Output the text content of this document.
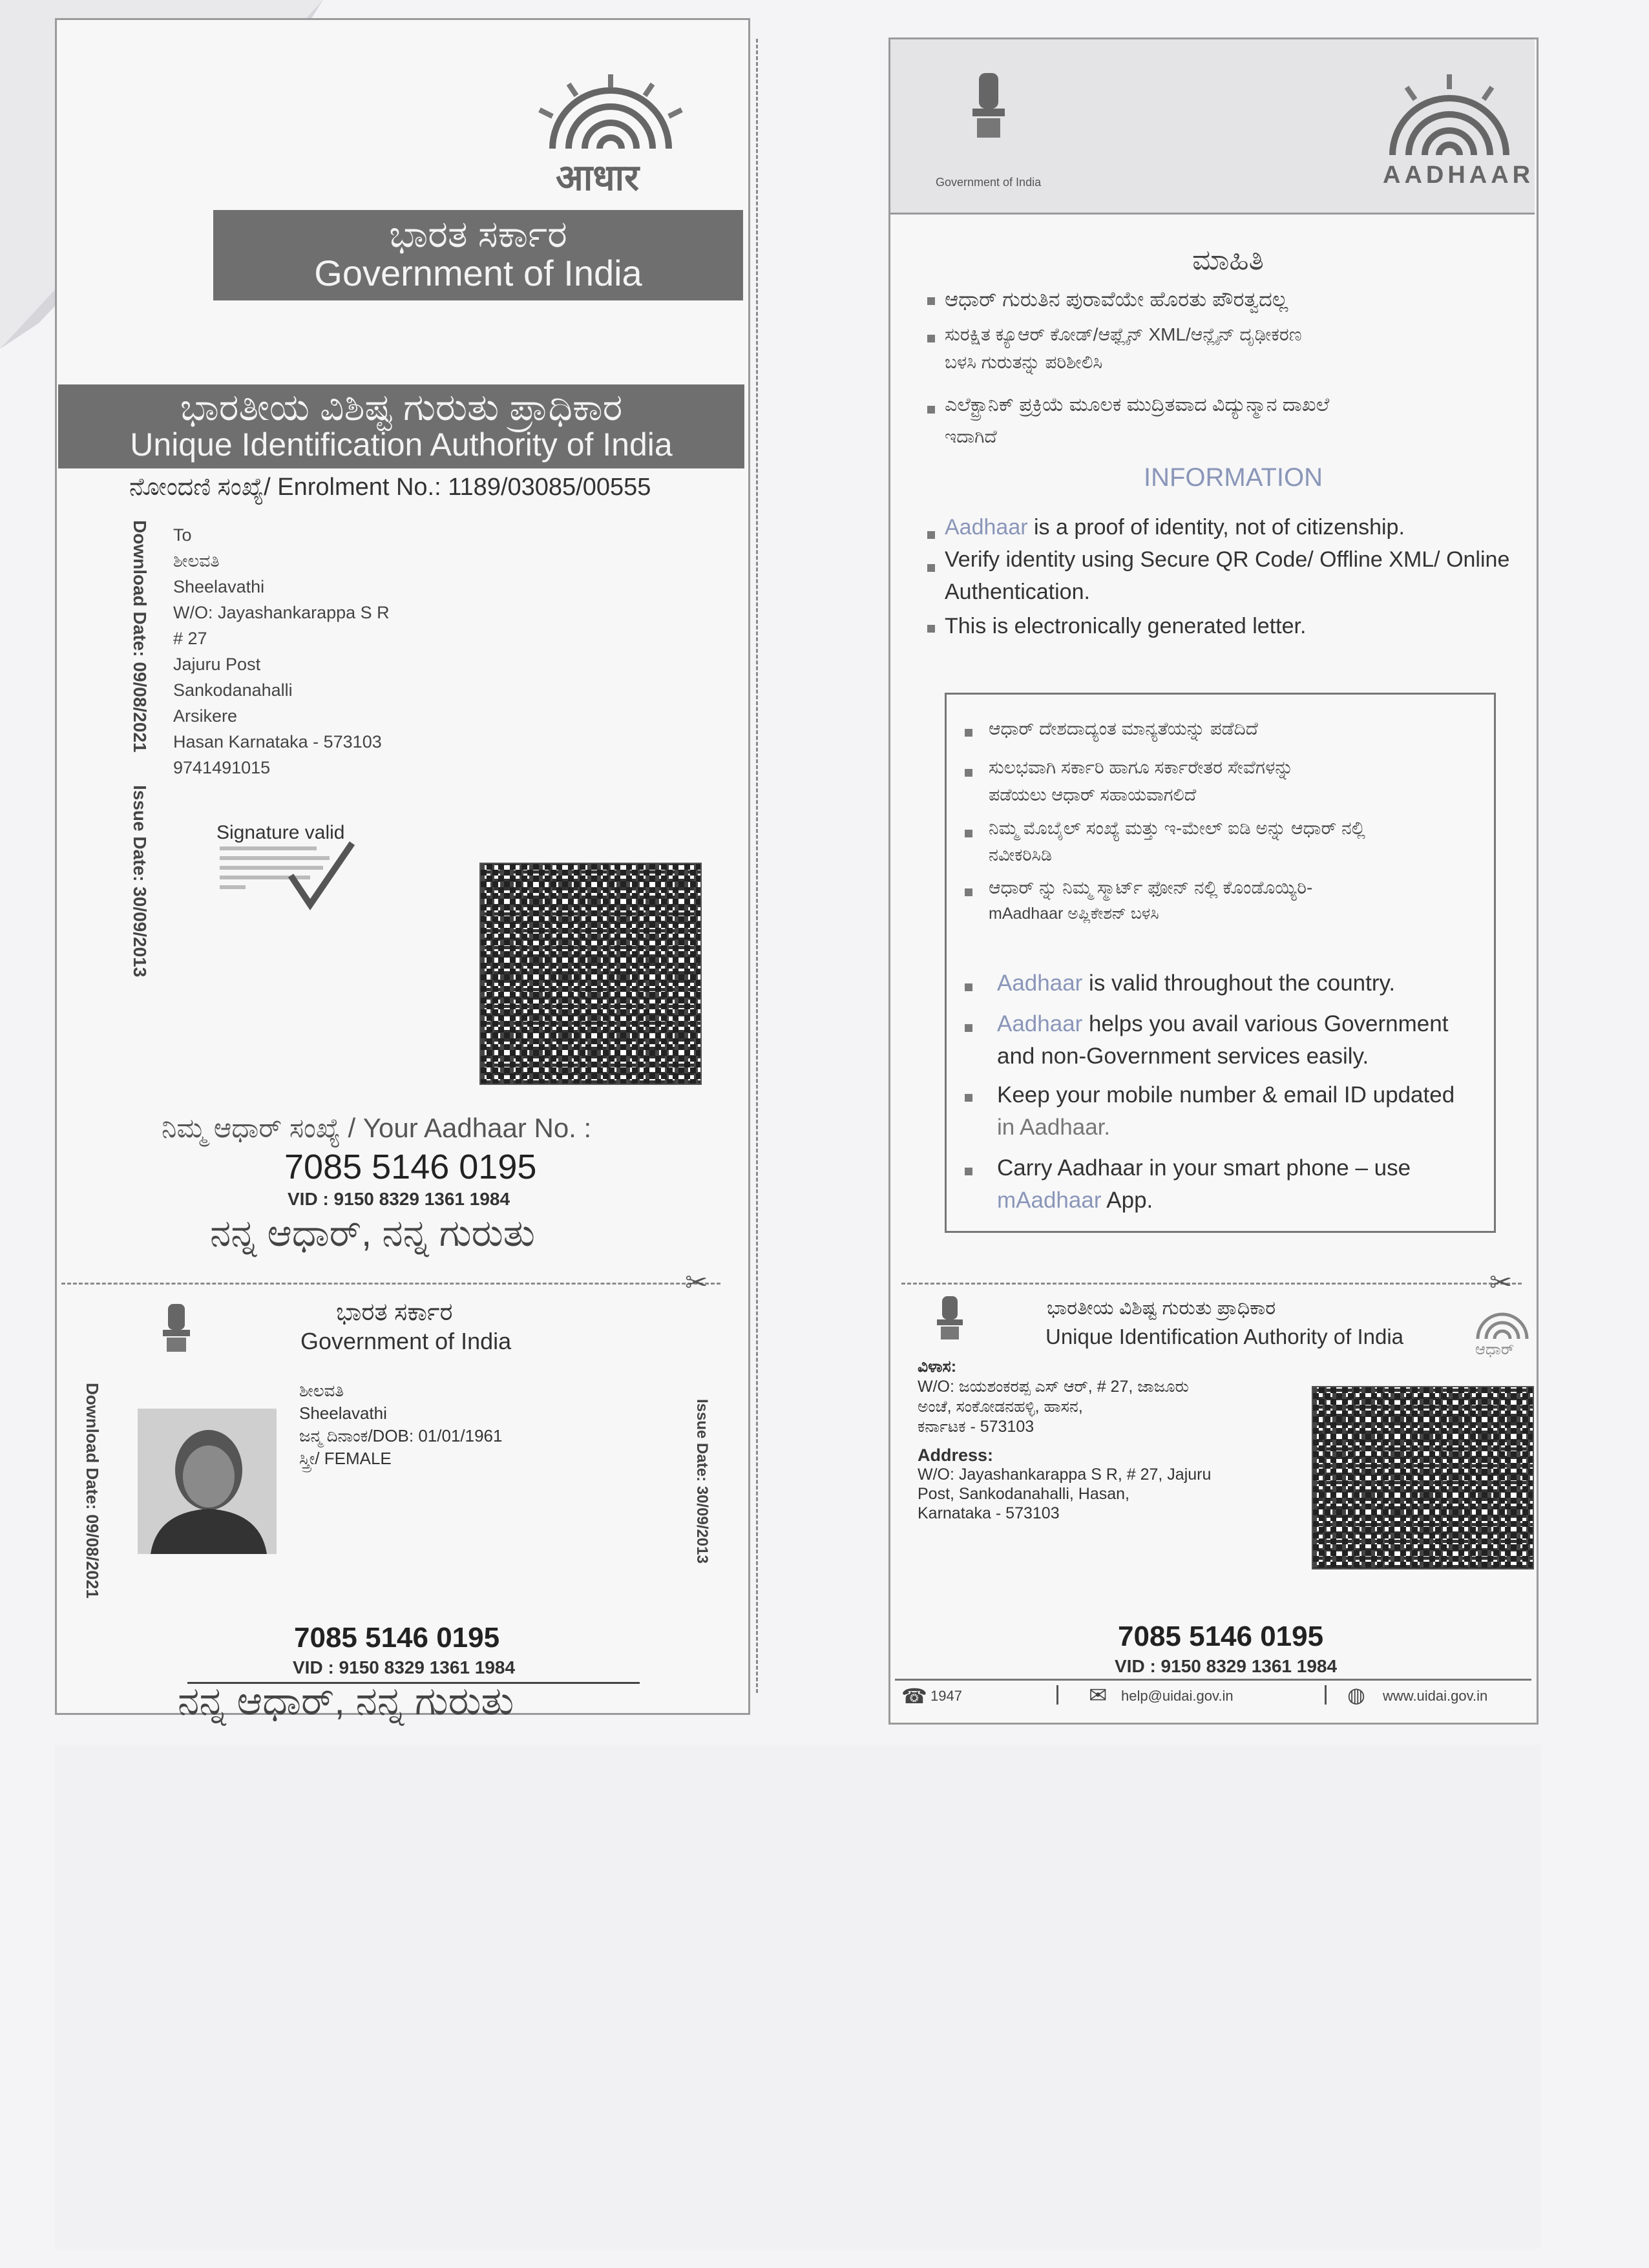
आधार
ಭಾರತ ಸರ್ಕಾರ
Government of India
ಭಾರತೀಯ ವಿಶಿಷ್ಟ ಗುರುತು ಪ್ರಾಧಿಕಾರ
Unique Identification Authority of India
ನೋಂದಣಿ ಸಂಖ್ಯೆ/ Enrolment No.: 1189/03085/00555
Download Date: 09/08/2021
Issue Date: 30/09/2013
To
ಶೀಲವತಿ
Sheelavathi
W/O: Jayashankarappa S R
# 27
Jajuru Post
Sankodanahalli
Arsikere
Hasan Karnataka - 573103
9741491015
Signature valid
ನಿಮ್ಮ ಆಧಾರ್ ಸಂಖ್ಯೆ / Your Aadhaar No. :
7085 5146 0195
VID : 9150 8329 1361 1984
ನನ್ನ ಆಧಾರ್, ನನ್ನ ಗುರುತು
✂
ಭಾರತ ಸರ್ಕಾರ
Government of India
Download Date: 09/08/2021	Issue Date: 30/09/2013
ಶೀಲವತಿ
Sheelavathi
ಜನ್ಮ ದಿನಾಂಕ/DOB: 01/01/1961
ಸ್ತ್ರೀ/ FEMALE
7085 5146 0195
VID : 9150 8329 1361 1984
ನನ್ನ ಆಧಾರ್, ನನ್ನ ಗುರುತು
Government of India	AADHAAR
ಮಾಹಿತಿ
ಆಧಾರ್ ಗುರುತಿನ ಪುರಾವೆಯೇ ಹೊರತು ಪೌರತ್ವದಲ್ಲ
ಸುರಕ್ಷಿತ ಕ್ಯೂಆರ್ ಕೋಡ್/ಆಫ್ಲೈನ್ XML/ಆನ್ಲೈನ್ ದೃಢೀಕರಣ
ಬಳಸಿ ಗುರುತನ್ನು ಪರಿಶೀಲಿಸಿ
ಎಲೆಕ್ಟ್ರಾನಿಕ್ ಪ್ರಕ್ರಿಯೆ ಮೂಲಕ ಮುದ್ರಿತವಾದ ವಿದ್ಯುನ್ಮಾನ ದಾಖಲೆ
ಇದಾಗಿದೆ
INFORMATION
Aadhaar is a proof of identity, not of citizenship.
Verify identity using Secure QR Code/ Offline XML/ Online
Authentication.
This is electronically generated letter.
ಆಧಾರ್ ದೇಶದಾದ್ಯಂತ ಮಾನ್ಯತೆಯನ್ನು ಪಡೆದಿದೆ
ಸುಲಭವಾಗಿ ಸರ್ಕಾರಿ ಹಾಗೂ ಸರ್ಕಾರೇತರ ಸೇವೆಗಳನ್ನು
ಪಡೆಯಲು ಆಧಾರ್ ಸಹಾಯವಾಗಲಿದೆ
ನಿಮ್ಮ ಮೊಬೈಲ್ ಸಂಖ್ಯೆ ಮತ್ತು ಇ-ಮೇಲ್ ಐಡಿ ಅನ್ನು ಆಧಾರ್ ನಲ್ಲಿ
ನವೀಕರಿಸಿಡಿ
ಆಧಾರ್ ನ್ನು ನಿಮ್ಮ ಸ್ಮಾರ್ಟ್ ಫೋನ್ ನಲ್ಲಿ ಕೊಂಡೊಯ್ಯಿರಿ-
mAadhaar ಅಪ್ಲಿಕೇಶನ್ ಬಳಸಿ
Aadhaar is valid throughout the country.
Aadhaar helps you avail various Government
and non-Government services easily.
Keep your mobile number & email ID updated
in Aadhaar.
Carry Aadhaar in your smart phone – use
mAadhaar App.
✂
ಭಾರತೀಯ ವಿಶಿಷ್ಟ ಗುರುತು ಪ್ರಾಧಿಕಾರ
Unique Identification Authority of India
ಆಧಾರ್
ವಿಳಾಸ:
W/O: ಜಯಶಂಕರಪ್ಪ ಎಸ್ ಆರ್, # 27, ಜಾಜೂರು
ಅಂಚೆ, ಸಂಕೋಡನಹಳ್ಳಿ, ಹಾಸನ,
ಕರ್ನಾಟಕ - 573103
Address:
W/O: Jayashankarappa S R, # 27, Jajuru
Post, Sankodanahalli, Hasan,
Karnataka - 573103
7085 5146 0195
VID : 9150 8329 1361 1984
☎ 1947	✉ help@uidai.gov.in	◍ www.uidai.gov.in
